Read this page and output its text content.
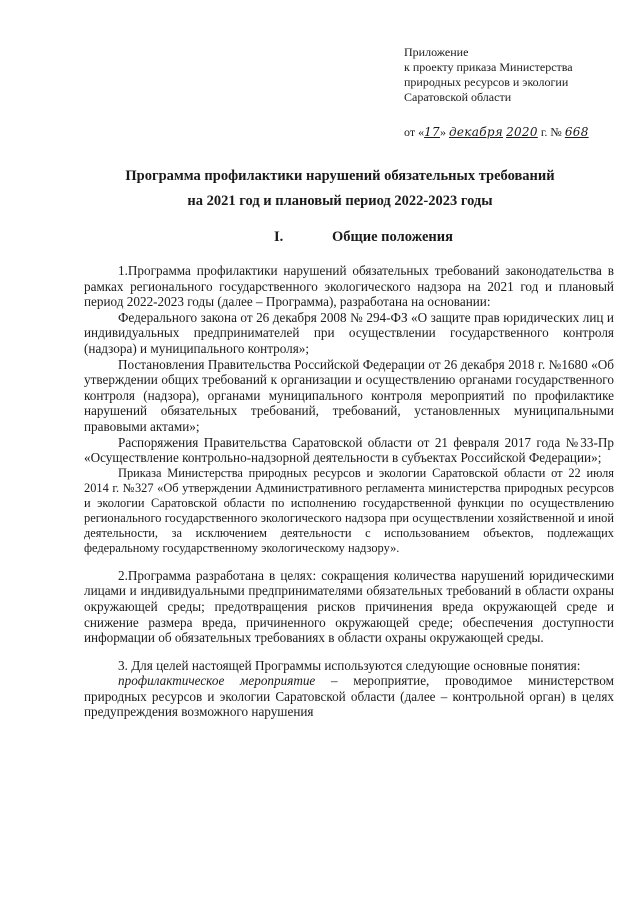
Приложение
к проекту приказа Министерства
природных ресурсов и экологии
Саратовской области
от «17» декабря 2020 г. № 668
Программа профилактики нарушений обязательных требований
на 2021 год и плановый период 2022-2023 годы
I.	Общие положения

1.Программа профилактики нарушений обязательных требований законодательства в рамках регионального государственного экологического надзора на 2021 год и плановый период 2022-2023 годы (далее – Программа), разработана на основании:

Федерального закона от 26 декабря 2008 № 294-ФЗ «О защите прав юридических лиц и индивидуальных предпринимателей при осуществлении государственного контроля (надзора) и муниципального контроля»;

Постановления Правительства Российской Федерации от 26 декабря 2018 г. №1680 «Об утверждении общих требований к организации и осуществлению органами государственного контроля (надзора), органами муниципального контроля мероприятий по профилактике нарушений обязательных требований, требований, установленных муниципальными правовыми актами»;

Распоряжения Правительства Саратовской области от 21 февраля 2017 года №33-Пр «Осуществление контрольно-надзорной деятельности в субъектах Российской Федерации»;

Приказа Министерства природных ресурсов и экологии Саратовской области от 22 июля 2014 г. №327 «Об утверждении Административного регламента министерства природных ресурсов и экологии Саратовской области по исполнению государственной функции по осуществлению регионального государственного экологического надзора при осуществлении хозяйственной и иной деятельности, за исключением деятельности с использованием объектов, подлежащих федеральному государственному экологическому надзору».

2.Программа разработана в целях: сокращения количества нарушений юридическими лицами и индивидуальными предпринимателями обязательных требований в области охраны окружающей среды; предотвращения рисков причинения вреда окружающей среде и снижение размера вреда, причиненного окружающей среде; обеспечения доступности информации об обязательных требованиях в области охраны окружающей среды.

3. Для целей настоящей Программы используются следующие основные понятия:

профилактическое мероприятие – мероприятие, проводимое министерством природных ресурсов и экологии Саратовской области (далее – контрольной орган) в целях предупреждения возможного нарушения
